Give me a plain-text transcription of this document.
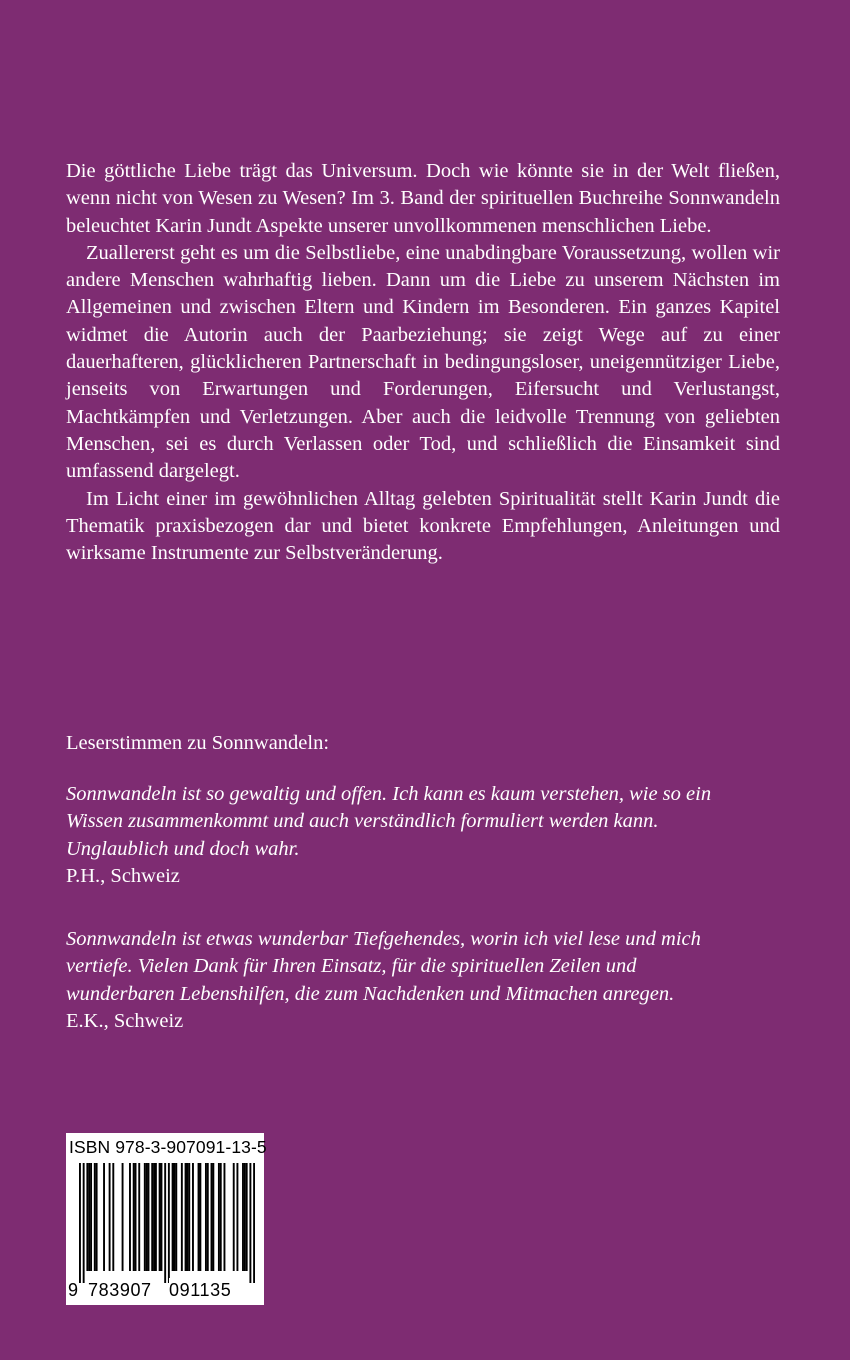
Die göttliche Liebe trägt das Universum. Doch wie könnte sie in der Welt fließen, wenn nicht von Wesen zu Wesen? Im 3. Band der spirituellen Buchreihe Sonnwandeln beleuchtet Karin Jundt Aspekte unserer unvollkommenen menschlichen Liebe.

Zuallererst geht es um die Selbstliebe, eine unabdingbare Voraussetzung, wollen wir andere Menschen wahrhaftig lieben. Dann um die Liebe zu unserem Nächsten im Allgemeinen und zwischen Eltern und Kindern im Besonderen. Ein ganzes Kapitel widmet die Autorin auch der Paarbeziehung; sie zeigt Wege auf zu einer dauerhafteren, glücklicheren Partnerschaft in bedingungsloser, uneigennütziger Liebe, jenseits von Erwartungen und Forderungen, Eifersucht und Verlustangst, Machtkämpfen und Verletzungen. Aber auch die leidvolle Trennung von geliebten Menschen, sei es durch Verlassen oder Tod, und schließlich die Einsamkeit sind umfassend dargelegt.

Im Licht einer im gewöhnlichen Alltag gelebten Spiritualität stellt Karin Jundt die Thematik praxisbezogen dar und bietet konkrete Empfehlungen, Anleitungen und wirksame Instrumente zur Selbstveränderung.

Leserstimmen zu Sonnwandeln:

Sonnwandeln ist so gewaltig und offen. Ich kann es kaum verstehen, wie so ein Wissen zusammenkommt und auch verständlich formuliert werden kann. Unglaublich und doch wahr.

P.H., Schweiz

Sonnwandeln ist etwas wunderbar Tiefgehendes, worin ich viel lese und mich vertiefe. Vielen Dank für Ihren Einsatz, für die spirituellen Zeilen und wunderbaren Lebenshilfen, die zum Nachdenken und Mitmachen anregen.

E.K., Schweiz

ISBN 978-3-907091-13-5
9 783907 091135
